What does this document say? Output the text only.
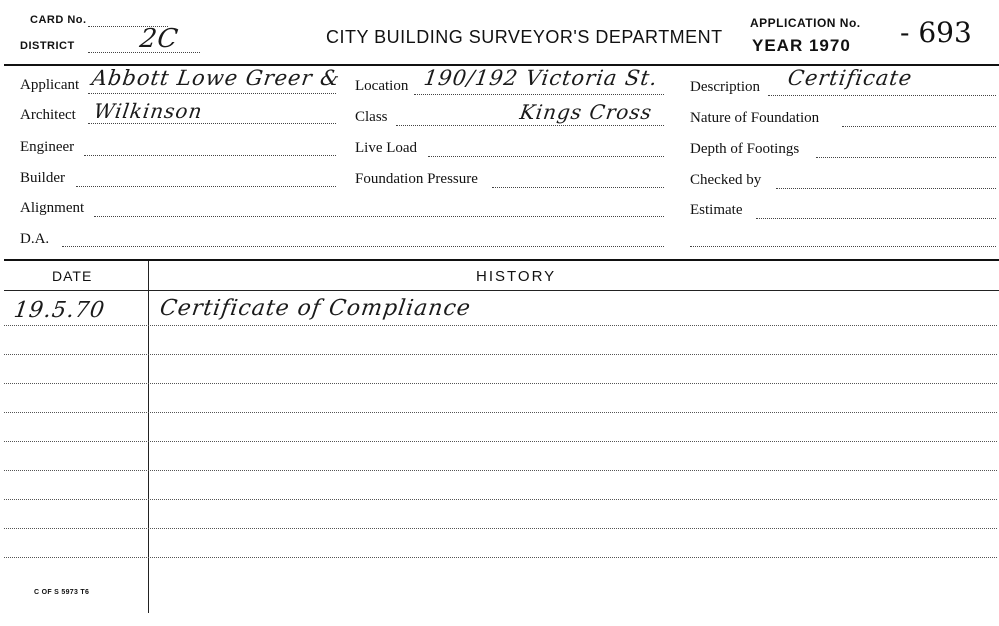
CARD No.
DISTRICT 2C	CITY BUILDING SURVEYOR'S DEPARTMENT
APPLICATION No.
YEAR 1970 - 693
Applicant Abbott Lowe Greer &
Architect Wilkinson
Engineer
Builder
Alignment
D.A.
Location 190/192 Victoria St.
Class	Kings Cross
Live Load
Foundation Pressure
Description Certificate
Nature of Foundation
Depth of Footings
Checked by
Estimate
DATE	HISTORY
19.5.70 Certificate of Compliance
C OF S 5973 T6
